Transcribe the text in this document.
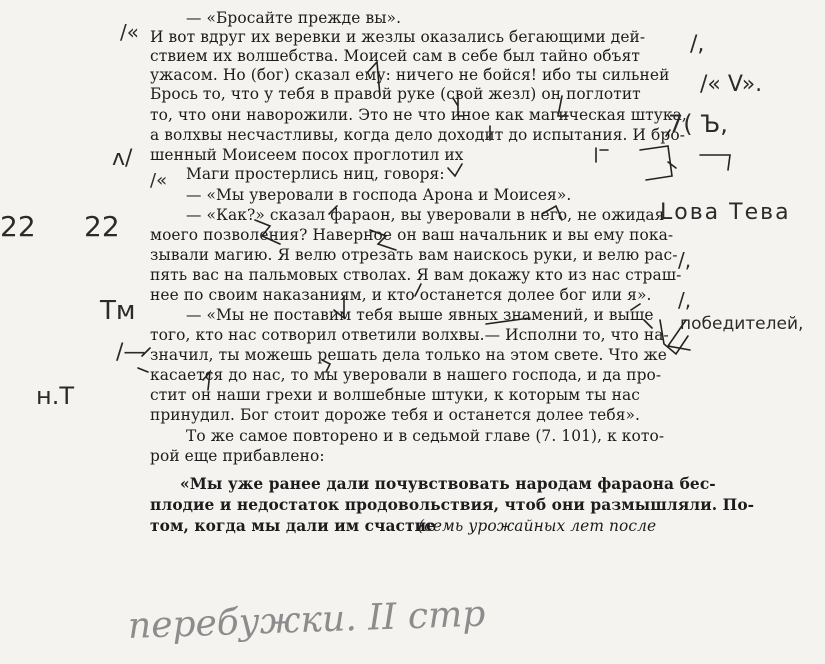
— «Бросайте прежде вы».
И вот вдруг их веревки и жезлы оказались бегающими дей-
ствием их волшебства. Моисей сам в себе был тайно объят
ужасом. Но (бог) сказал ему: ничего не бойся! ибо ты сильней
Брось то, что у тебя в правой руке (свой жезл) он поглотит
то, что они наворожили. Это не что иное как магическая штука,
а волхвы несчастливы, когда дело доходит до испытания. И бро-
шенный Моисеем посох проглотил их
Маги простерлись ниц, говоря:
— «Мы уверовали в господа Арона и Моисея».
— «Как?» сказал фараон, вы уверовали в него, не ожидая
моего позволения? Наверное он ваш начальник и вы ему пока-
зывали магию. Я велю отрезать вам наискось руки, и велю рас-
пять вас на пальмовых стволах. Я вам докажу кто из нас страш-
нее по своим наказаниям, и кто останется долее бог или я».
— «Мы не поставим тебя выше явных знамений, и выше
того, кто нас сотворил ответили волхвы.— Исполни то, что на-
значил, ты можешь решать дела только на этом свете. Что же
касается до нас, то мы уверовали в нашего господа, и да про-
стит он наши грехи и волшебные штуки, к которым ты нас
принудил. Бог стоит дороже тебя и останется долее тебя».
То же самое повторено и в седьмой главе (7. 101), к кото-
рой еще прибавлено:
«Мы уже ранее дали почувствовать народам фараона бес-
плодие и недостаток продовольствия, чтоб они размышляли. По-
том, когда мы дали им счастие
(семь урожайных лет после
/«	/,
/« V».
7( Ъ,
ʌ/
/«
22 22	Lова Тева
/,
/,
победителей,
Тм
/—
н.Т
перебужки. II стр
